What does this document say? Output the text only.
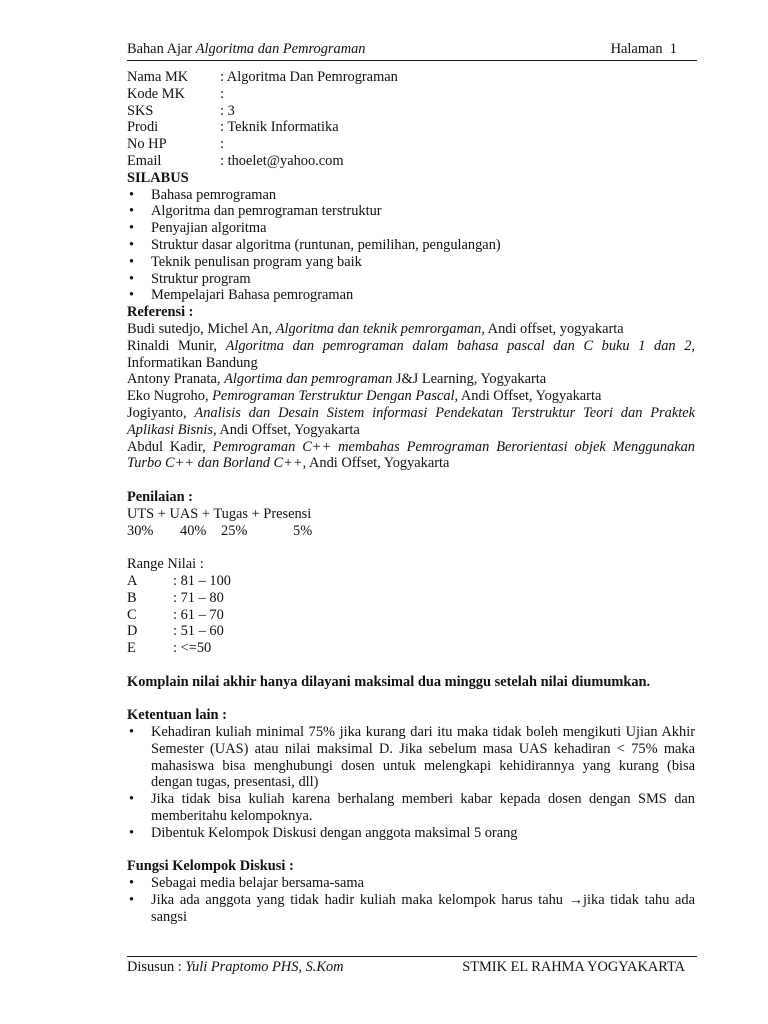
Bahan Ajar Algoritma dan Pemrograman	Halaman  1
Nama MK	: Algoritma Dan Pemrograman
Kode MK	:
SKS	: 3
Prodi	: Teknik Informatika
No HP	:
Email	: thoelet@yahoo.com
SILABUS
• Bahasa pemrograman
• Algoritma dan pemrograman terstruktur
• Penyajian algoritma
• Struktur dasar algoritma (runtunan, pemilihan, pengulangan)
• Teknik penulisan program yang baik
• Struktur program
• Mempelajari Bahasa pemrograman
Referensi :
Budi sutedjo, Michel An, Algoritma dan teknik pemrorgaman, Andi offset, yogyakarta
Rinaldi Munir, Algoritma dan pemrograman dalam bahasa pascal dan C buku 1 dan 2, Informatikan Bandung
Antony Pranata, Algortima dan pemrograman J&J Learning, Yogyakarta
Eko Nugroho, Pemrograman Terstruktur Dengan Pascal, Andi Offset, Yogyakarta
Jogiyanto, Analisis dan Desain Sistem informasi Pendekatan Terstruktur Teori dan Praktek Aplikasi Bisnis, Andi Offset, Yogyakarta
Abdul Kadir, Pemrograman C++ membahas Pemrograman Berorientasi objek Menggunakan Turbo C++ dan Borland C++, Andi Offset, Yogyakarta
Penilaian :
UTS + UAS + Tugas + Presensi
30%	40%	25%	5%
Range Nilai :
A	: 81 – 100
B	: 71 – 80
C	: 61 – 70
D	: 51 – 60
E	: <=50
Komplain nilai akhir hanya dilayani maksimal dua minggu setelah nilai diumumkan.
Ketentuan lain :
• Kehadiran kuliah minimal 75% jika kurang dari itu maka tidak boleh mengikuti Ujian Akhir Semester (UAS) atau nilai maksimal D. Jika sebelum masa UAS kehadiran < 75% maka mahasiswa bisa menghubungi dosen untuk melengkapi kehidirannya yang kurang (bisa dengan tugas, presentasi, dll)
• Jika tidak bisa kuliah karena berhalang memberi kabar kepada dosen dengan SMS dan memberitahu kelompoknya.
• Dibentuk Kelompok Diskusi dengan anggota maksimal 5 orang
Fungsi Kelompok Diskusi :
• Sebagai media belajar bersama-sama
• Jika ada anggota yang tidak hadir kuliah maka kelompok harus tahu →jika tidak tahu ada sangsi
Disusun : Yuli Praptomo PHS, S.Kom	STMIK EL RAHMA YOGYAKARTA
